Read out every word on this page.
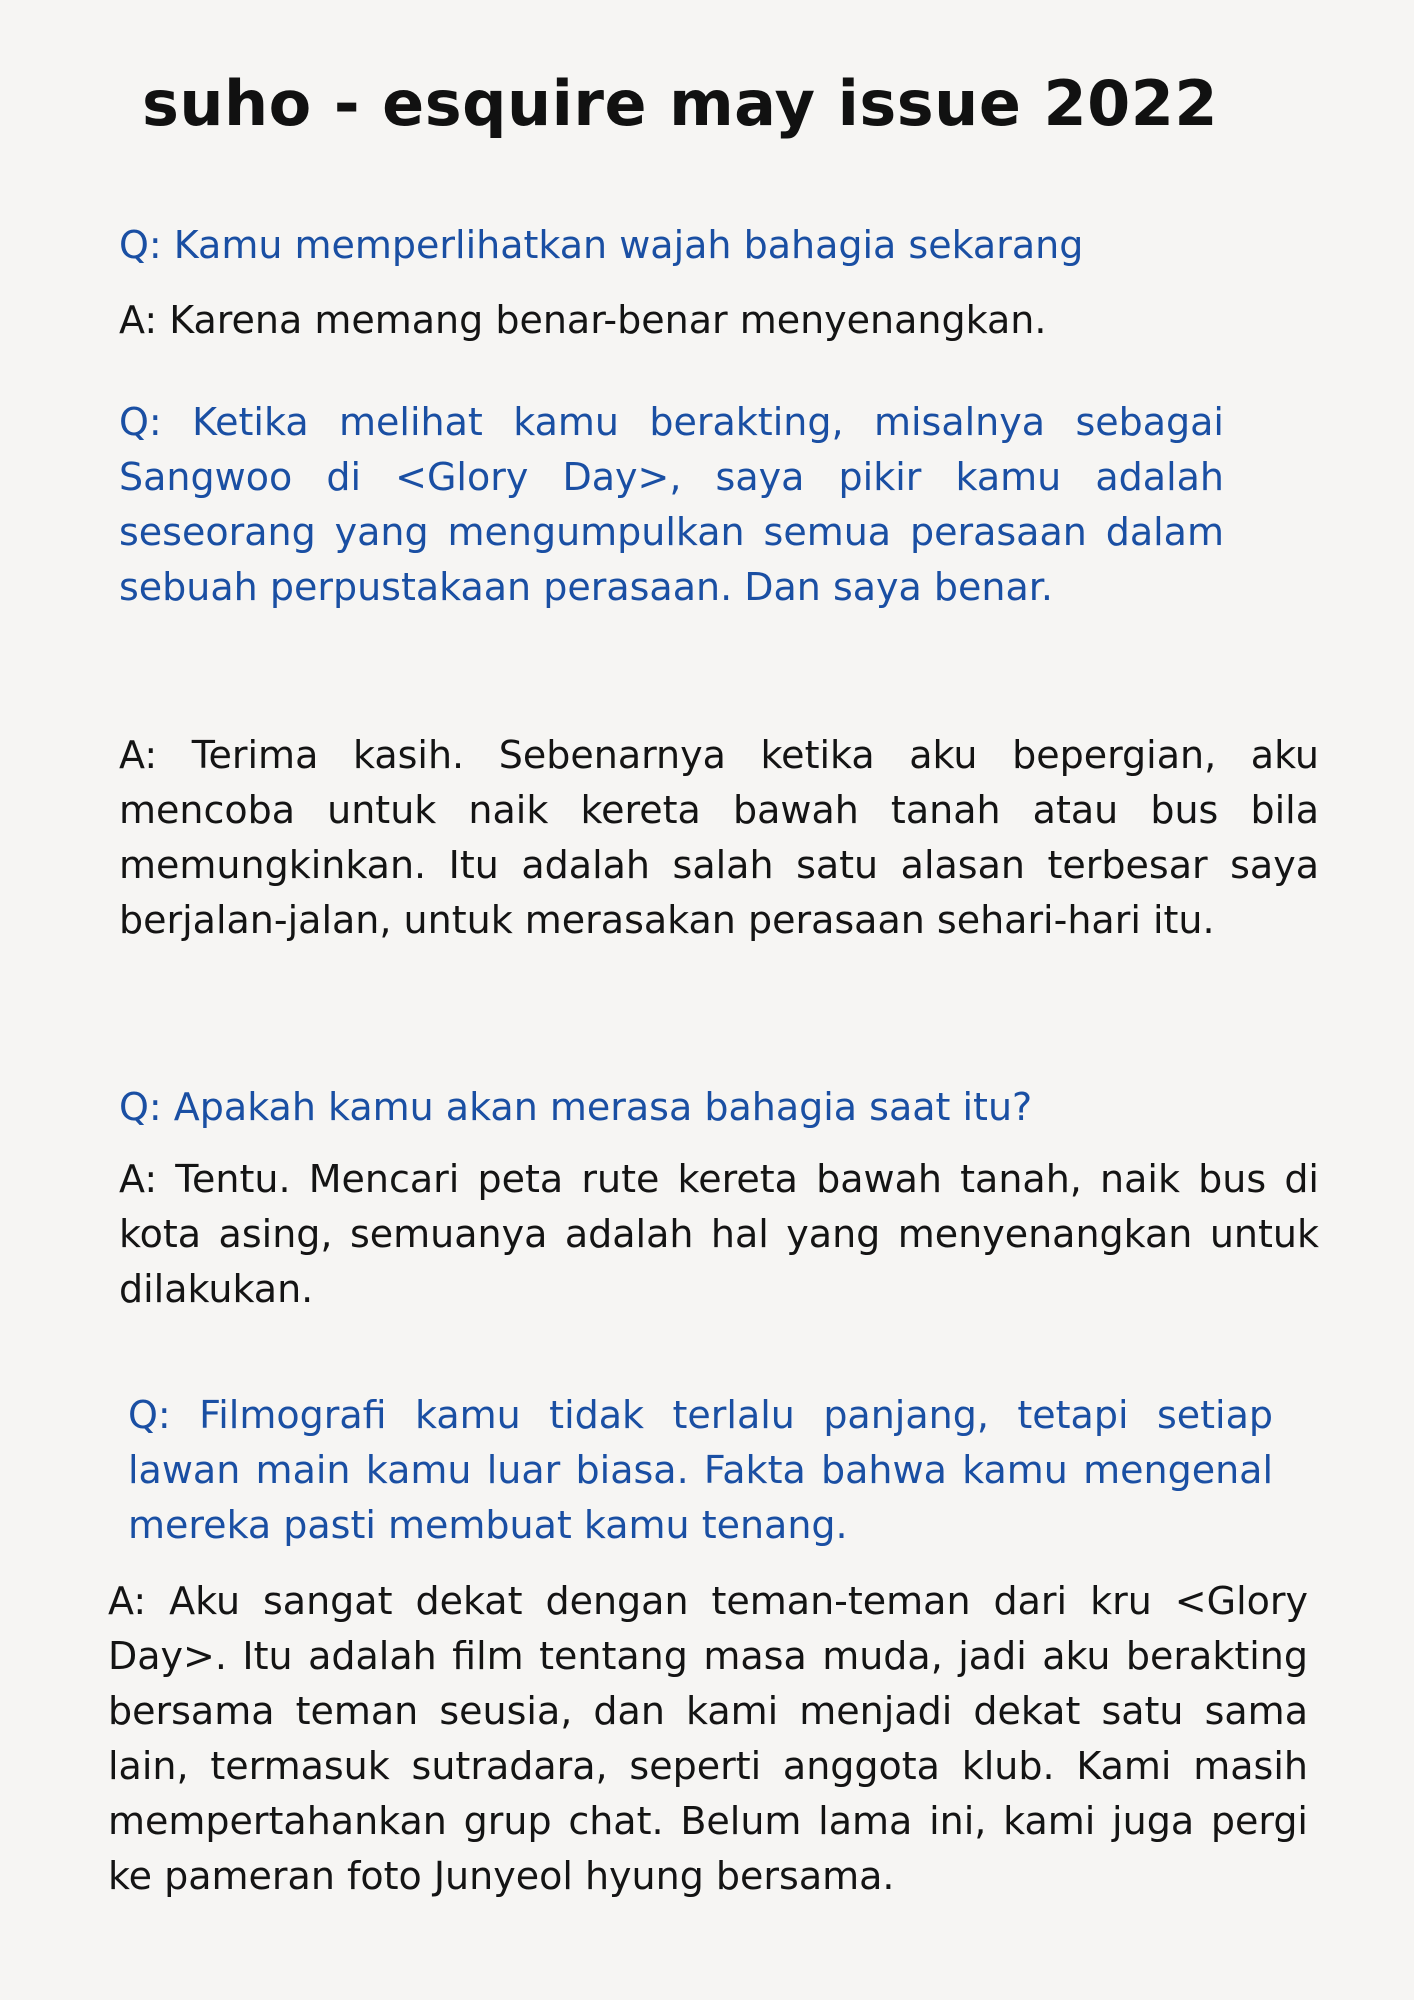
suho - esquire may issue 2022

Q: Kamu memperlihatkan wajah bahagia sekarang

A: Karena memang benar-benar menyenangkan.

Q: Ketika melihat kamu berakting, misalnya sebagai Sangwoo di <Glory Day>, saya pikir kamu adalah seseorang yang mengumpulkan semua perasaan dalam sebuah perpustakaan perasaan. Dan saya benar.

A: Terima kasih. Sebenarnya ketika aku bepergian, aku mencoba untuk naik kereta bawah tanah atau bus bila memungkinkan. Itu adalah salah satu alasan terbesar saya berjalan-jalan, untuk merasakan perasaan sehari-hari itu.

Q: Apakah kamu akan merasa bahagia saat itu?

A: Tentu. Mencari peta rute kereta bawah tanah, naik bus di kota asing, semuanya adalah hal yang menyenangkan untuk dilakukan.

Q: Filmografi kamu tidak terlalu panjang, tetapi setiap lawan main kamu luar biasa. Fakta bahwa kamu mengenal mereka pasti membuat kamu tenang.

A: Aku sangat dekat dengan teman-teman dari kru <Glory Day>. Itu adalah film tentang masa muda, jadi aku berakting bersama teman seusia, dan kami menjadi dekat satu sama lain, termasuk sutradara, seperti anggota klub. Kami masih mempertahankan grup chat. Belum lama ini, kami juga pergi ke pameran foto Junyeol hyung bersama.
